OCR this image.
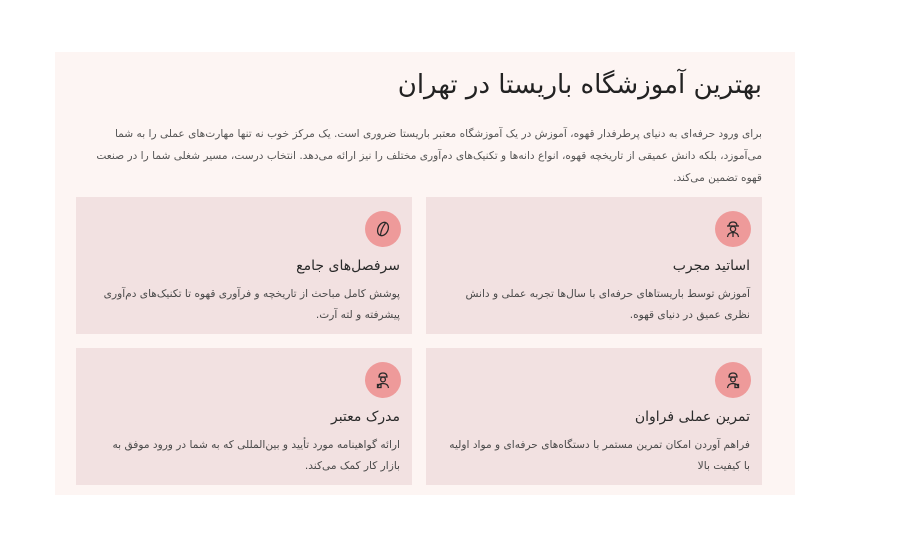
بهترین آموزشگاه باریستا در تهران

برای ورود حرفه‌ای به دنیای پرطرفدار قهوه، آموزش در یک آموزشگاه معتبر باریستا ضروری است. یک مرکز خوب نه تنها مهارت‌های عملی را به شما می‌آموزد، بلکه دانش عمیقی از تاریخچه قهوه، انواع دانه‌ها و تکنیک‌های دم‌آوری مختلف را نیز ارائه می‌دهد. انتخاب درست، مسیر شغلی شما را در صنعت قهوه تضمین می‌کند.

اساتید مجرب

آموزش توسط باریستاهای حرفه‌ای با سال‌ها تجربه عملی و دانش نظری عمیق در دنیای قهوه.

سرفصل‌های جامع

پوشش کامل مباحث از تاریخچه و فرآوری قهوه تا تکنیک‌های دم‌آوری پیشرفته و لته آرت.

تمرین عملی فراوان

فراهم آوردن امکان تمرین مستمر با دستگاه‌های حرفه‌ای و مواد اولیه با کیفیت بالا

مدرک معتبر

ارائه گواهینامه مورد تأیید و بین‌المللی که به شما در ورود موفق به بازار کار کمک می‌کند.
